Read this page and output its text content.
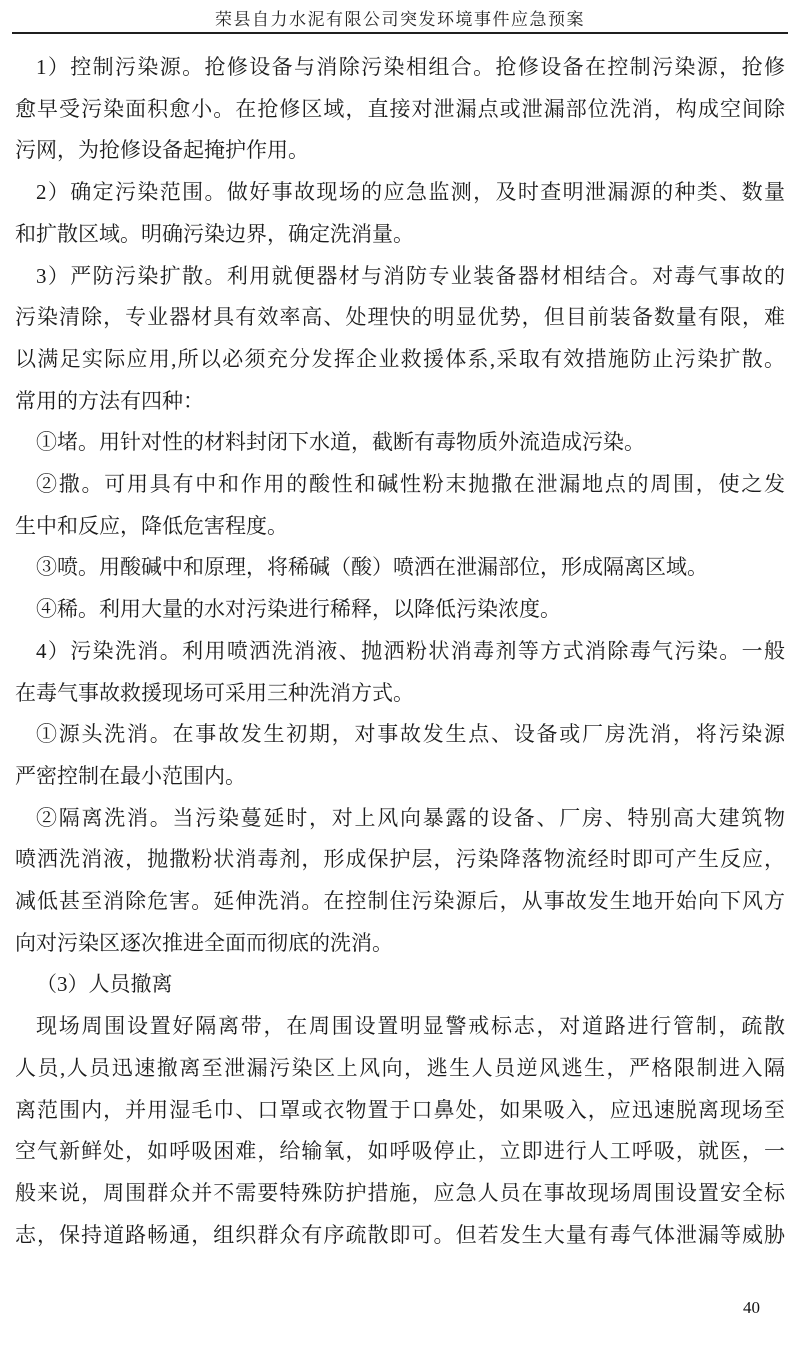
荣县自力水泥有限公司突发环境事件应急预案

1）控制污染源。抢修设备与消除污染相组合。抢修设备在控制污染源，抢修
愈早受污染面积愈小。在抢修区域，直接对泄漏点或泄漏部位洗消，构成空间除
污网，为抢修设备起掩护作用。

2）确定污染范围。做好事故现场的应急监测，及时查明泄漏源的种类、数量
和扩散区域。明确污染边界，确定洗消量。

3）严防污染扩散。利用就便器材与消防专业装备器材相结合。对毒气事故的
污染清除，专业器材具有效率高、处理快的明显优势，但目前装备数量有限，难
以满足实际应用,所以必须充分发挥企业救援体系,采取有效措施防止污染扩散。
常用的方法有四种：

①堵。用针对性的材料封闭下水道，截断有毒物质外流造成污染。

②撒。可用具有中和作用的酸性和碱性粉末抛撒在泄漏地点的周围，使之发
生中和反应，降低危害程度。

③喷。用酸碱中和原理，将稀碱（酸）喷洒在泄漏部位，形成隔离区域。

④稀。利用大量的水对污染进行稀释，以降低污染浓度。

4）污染洗消。利用喷洒洗消液、抛洒粉状消毒剂等方式消除毒气污染。一般
在毒气事故救援现场可采用三种洗消方式。

①源头洗消。在事故发生初期，对事故发生点、设备或厂房洗消，将污染源
严密控制在最小范围内。

②隔离洗消。当污染蔓延时，对上风向暴露的设备、厂房、特别高大建筑物
喷洒洗消液，抛撒粉状消毒剂，形成保护层，污染降落物流经时即可产生反应，
减低甚至消除危害。延伸洗消。在控制住污染源后，从事故发生地开始向下风方
向对污染区逐次推进全面而彻底的洗消。

（3）人员撤离

现场周围设置好隔离带，在周围设置明显警戒标志，对道路进行管制，疏散
人员,人员迅速撤离至泄漏污染区上风向，逃生人员逆风逃生，严格限制进入隔
离范围内，并用湿毛巾、口罩或衣物置于口鼻处，如果吸入，应迅速脱离现场至
空气新鲜处，如呼吸困难，给输氧，如呼吸停止，立即进行人工呼吸，就医，一
般来说，周围群众并不需要特殊防护措施，应急人员在事故现场周围设置安全标
志，保持道路畅通，组织群众有序疏散即可。但若发生大量有毒气体泄漏等威胁

40
